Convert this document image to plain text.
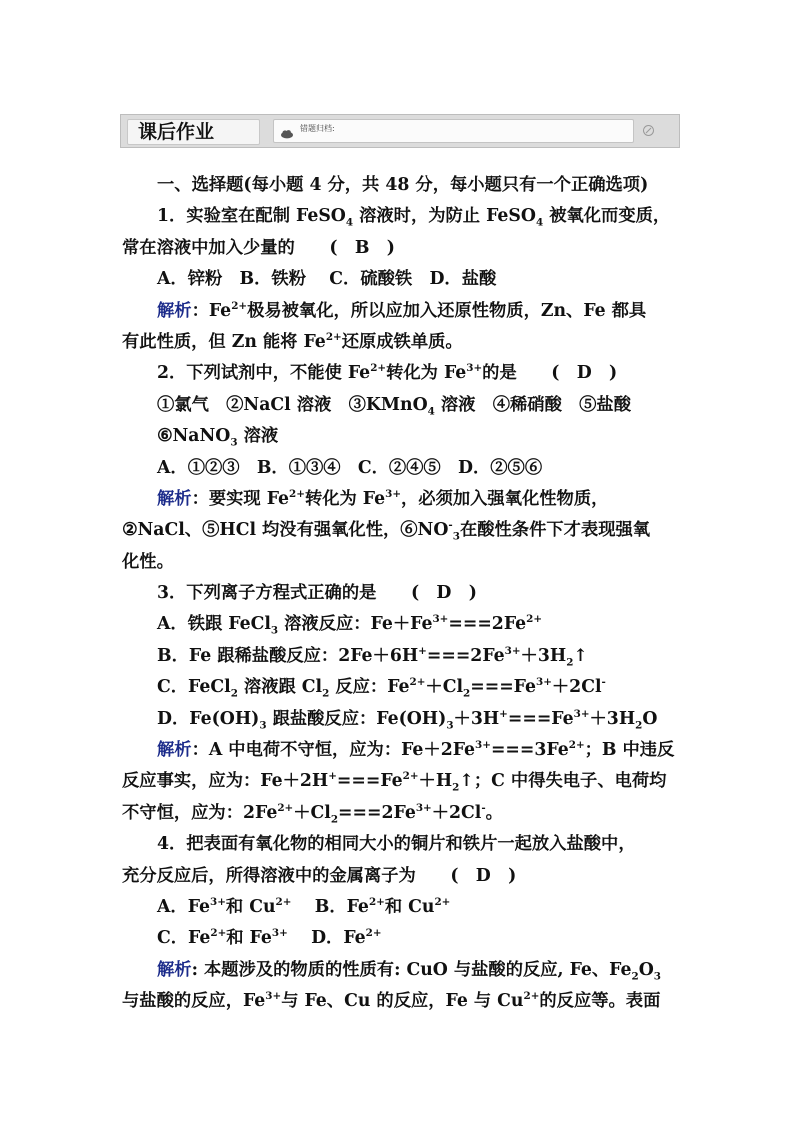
课后作业	错题归档:
一、选择题(每小题 4 分，共 48 分，每小题只有一个正确选项)
1．实验室在配制 FeSO$_4$ 溶液时，为防止 FeSO$_4$ 被氧化而变质，
常在溶液中加入少量的　　(　B　)
A．锌粉　B．铁粉　 C．硫酸铁　D．盐酸
解析：$Fe^{2+}$极易被氧化，所以应加入还原性物质，Zn、Fe 都具
有此性质，但 Zn 能将 $Fe^{2+}$还原成铁单质。
2．下列试剂中，不能使 $Fe^{2+}$转化为 $Fe^{3+}$的是　　(　D　)
①氯气　②NaCl 溶液　③KMnO$_4$ 溶液　④稀硝酸　⑤盐酸
⑥NaNO$_3$ 溶液
A．①②③　B．①③④　C．②④⑤　D．②⑤⑥
解析：要实现 $Fe^{2+}$转化为 $Fe^{3+}$，必须加入强氧化性物质，
②NaCl、⑤HCl 均没有强氧化性，$⑥NO^-_3$在酸性条件下才表现强氧
化性。
3．下列离子方程式正确的是　　(　D　)
A．铁跟 FeCl$_3$ 溶液反应：$Fe+Fe^{3+}===2Fe^{2+}$
B．Fe 跟稀盐酸反应：$2Fe+6H^+===2Fe^{3+}+3H_2↑$
C．FeCl$_2$ 溶液跟 $Cl_2$ 反应：$Fe^{2+}+Cl_2===Fe^{3+}+2Cl^-$
D．$Fe(OH)_3$ 跟盐酸反应：$Fe(OH)_3+3H^+===Fe^{3+}+3H_2O$
解析：A 中电荷不守恒，应为：$Fe+2Fe^{3+}===3Fe^{2+}$；B 中违反
反应事实，应为：$Fe+2H^+===Fe^{2+}+H_2↑$；C 中得失电子、电荷均
不守恒，应为：$2Fe^{2+}+Cl_2===2Fe^{3+}+2Cl^-$。
4．把表面有氧化物的相同大小的铜片和铁片一起放入盐酸中，
充分反应后，所得溶液中的金属离子为　　(　D　)
A．$Fe^{3+}$和 $Cu^{2+}$　 B．$Fe^{2+}$和 $Cu^{2+}$
C．$Fe^{2+}$和 $Fe^{3+}$　 D．$Fe^{2+}$
解析: 本题涉及的物质的性质有: CuO 与盐酸的反应, Fe、$Fe_2O_3$
与盐酸的反应，$Fe^{3+}$与 Fe、Cu 的反应，Fe 与 $Cu^{2+}$的反应等。表面
